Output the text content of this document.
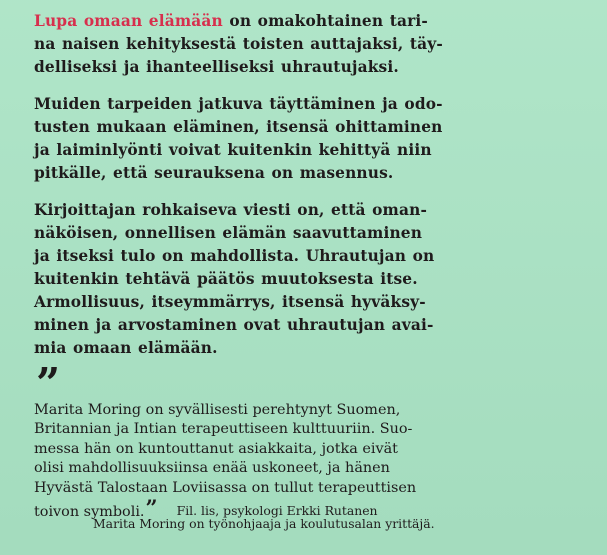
Lupa omaan elämään on omakohtainen tari-
na naisen kehityksestä toisten auttajaksi, täy-
delliseksi ja ihanteelliseksi uhrautujaksi.

Muiden tarpeiden jatkuva täyttäminen ja odo-
tusten mukaan eläminen, itsensä ohittaminen
ja laiminlyönti voivat kuitenkin kehittyä niin
pitkälle, että seurauksena on masennus.

Kirjoittajan rohkaiseva viesti on, että oman-
näköisen, onnellisen elämän saavuttaminen
ja itseksi tulo on mahdollista. Uhrautujan on
kuitenkin tehtävä päätös muutoksesta itse.
Armollisuus, itseymmärrys, itsensä hyväksy-
minen ja arvostaminen ovat uhrautujan avai-
mia omaan elämään.

”
Marita Moring on syvällisesti perehtynyt Suomen,
Britannian ja Intian terapeuttiseen kulttuuriin. Suo-
messa hän on kuntouttanut asiakkaita, jotka eivät
olisi mahdollisuuksiinsa enää uskoneet, ja hänen
Hyvästä Talostaan Loviisassa on tullut terapeuttisen
toivon symboli.” Fil. lis, psykologi Erkki Rutanen
Marita Moring on työnohjaaja ja koulutusalan yrittäjä.
